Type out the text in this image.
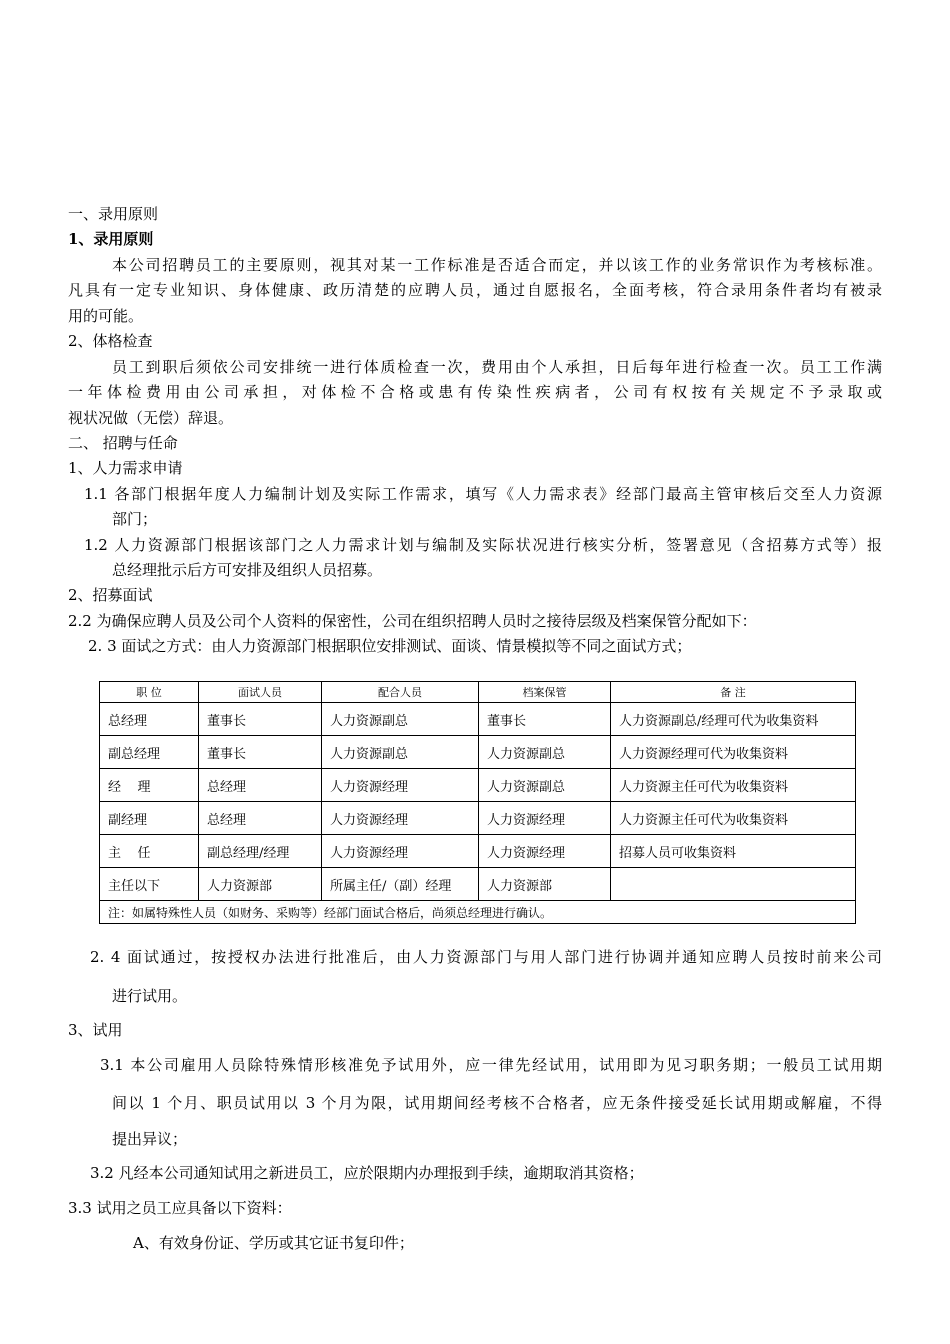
一、录用原则
1、录用原则
本公司招聘员工的主要原则，视其对某一工作标准是否适合而定，并以该工作的业务常识作为考核标准。
凡具有一定专业知识、身体健康、政历清楚的应聘人员，通过自愿报名，全面考核，符合录用条件者均有被录
用的可能。
2、体格检查
员工到职后须依公司安排统一进行体质检查一次，费用由个人承担，日后每年进行检查一次。员工工作满
一年体检费用由公司承担，对体检不合格或患有传染性疾病者，公司有权按有关规定不予录取或
视状况做（无偿）辞退。
二、 招聘与任命
1、人力需求申请
1.1 各部门根据年度人力编制计划及实际工作需求，填写《人力需求表》经部门最高主管审核后交至人力资源
部门；
1.2 人力资源部门根据该部门之人力需求计划与编制及实际状况进行核实分析，签署意见（含招募方式等）报
总经理批示后方可安排及组织人员招募。
2、招募面试
2.2 为确保应聘人员及公司个人资料的保密性，公司在组织招聘人员时之接待层级及档案保管分配如下：
2. 3 面试之方式：由人力资源部门根据职位安排测试、面谈、情景模拟等不同之面试方式；
职 位	面试人员	配合人员	档案保管	备 注
总经理	董事长	人力资源副总	董事长	人力资源副总/经理可代为收集资料
副总经理	董事长	人力资源副总	人力资源副总	人力资源经理可代为收集资料
经    理	总经理	人力资源经理	人力资源副总	人力资源主任可代为收集资料
副经理	总经理	人力资源经理	人力资源经理	人力资源主任可代为收集资料
主    任	副总经理/经理	人力资源经理	人力资源经理	招募人员可收集资料
主任以下	人力资源部	所属主任/（副）经理	人力资源部	
注：如属特殊性人员（如财务、采购等）经部门面试合格后，尚须总经理进行确认。				
2. 4 面试通过，按授权办法进行批准后，由人力资源部门与用人部门进行协调并通知应聘人员按时前来公司
进行试用。
3、试用
3.1 本公司雇用人员除特殊情形核准免予试用外，应一律先经试用，试用即为见习职务期；一般员工试用期
间以 1 个月、职员试用以 3 个月为限，试用期间经考核不合格者，应无条件接受延长试用期或解雇，不得
提出异议；
3.2 凡经本公司通知试用之新进员工，应於限期内办理报到手续，逾期取消其资格；
3.3 试用之员工应具备以下资料：
A、有效身份证、学历或其它证书复印件；
